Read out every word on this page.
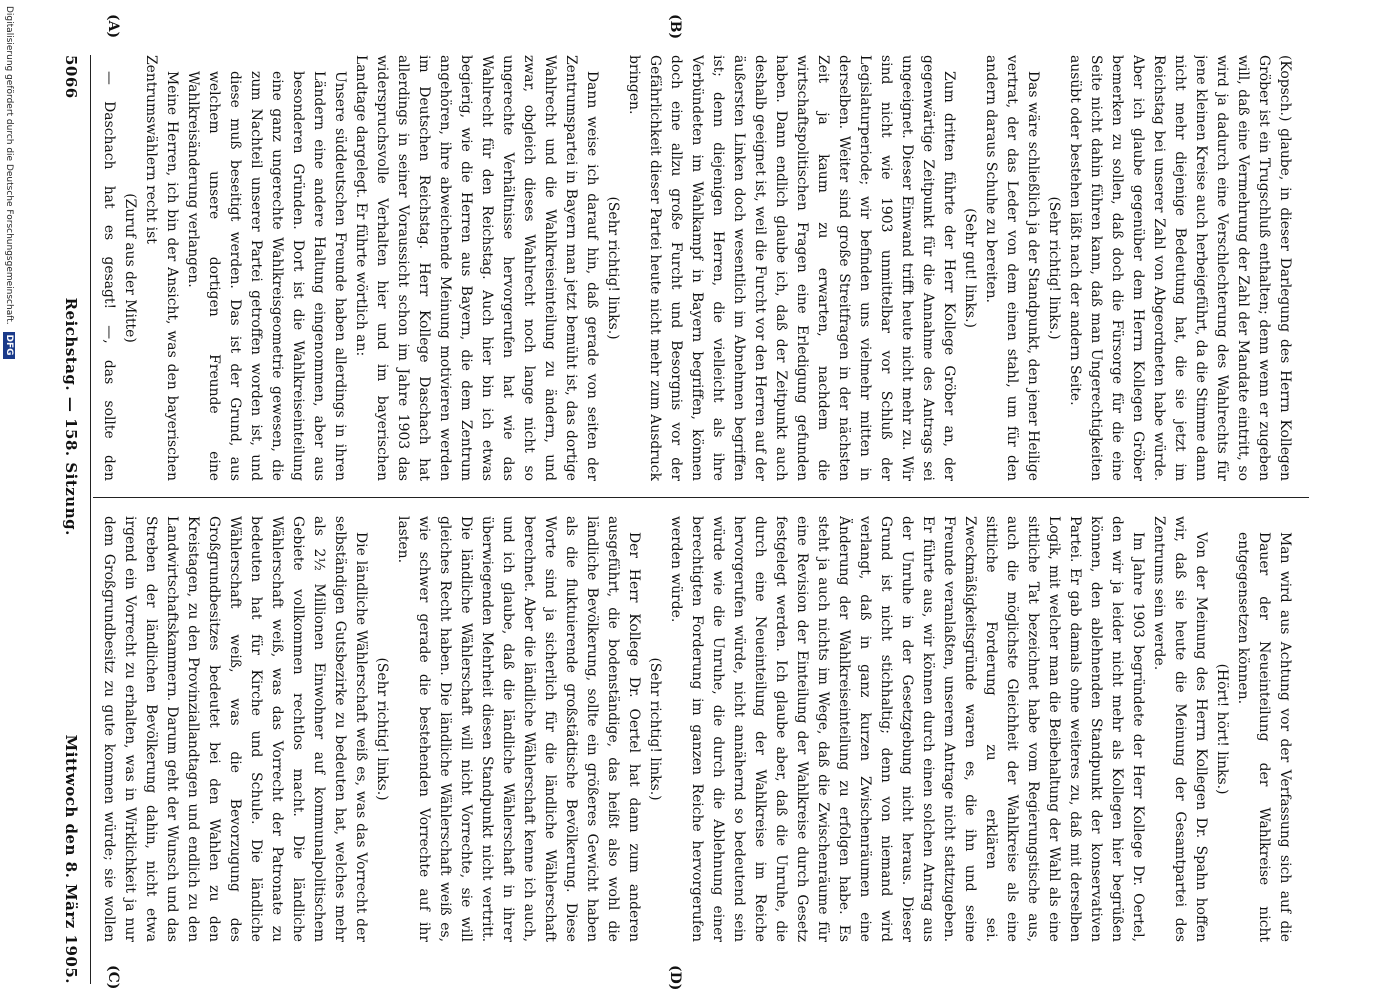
5066
Reichstag. — 158. Sitzung.
Mittwoch den 8. März 1905.
(A)	(B)
(C)	(D)

(Kopsch.) glaube, in dieser Darlegung des Herrn Kollegen Gröber ist ein Trugschluß enthalten; denn wenn er zugeben will, daß eine Vermehrung der Zahl der Mandate eintritt, so wird ja dadurch eine Verschlechterung des Wahlrechts für jene kleinen Kreise auch herbeigeführt, da die Stimme dann nicht mehr diejenige Bedeutung hat, die sie jetzt im Reichstag bei unserer Zahl von Abgeordneten habe würde. Aber ich glaube gegenüber dem Herrn Kollegen Gröber bemerken zu sollen, daß doch die Fürsorge für die eine Seite nicht dahin führen kann, daß man Ungerechtigkeiten ausübt oder bestehen läßt nach der andern Seite.

(Sehr richtig! links.)

Das wäre schließlich ja der Standpunkt, den jener Heilige vertrat, der das Leder von dem einen stahl, um für den andern daraus Schuhe zu bereiten.

(Sehr gut! links.)

Zum dritten führte der Herr Kollege Gröber an, der gegenwärtige Zeitpunkt für die Annahme des Antrags sei ungeeignet. Dieser Einwand trifft heute nicht mehr zu. Wir sind nicht wie 1903 unmittelbar vor Schluß der Legislaturperiode; wir befinden uns vielmehr mitten in derselben. Weiter sind große Streitfragen in der nächsten Zeit ja kaum zu erwarten, nachdem die wirtschaftspolitischen Fragen eine Erledigung gefunden haben. Dann endlich glaube ich, daß der Zeitpunkt auch deshalb geeignet ist, weil die Furcht vor den Herren auf der äußersten Linken doch wesentlich im Abnehmen begriffen ist; denn diejenigen Herren, die vielleicht als ihre Verbündeten im Wahlkampf in Bayern begriffen, können doch eine allzu große Furcht und Besorgnis vor der Gefährlichkeit dieser Partei heute nicht mehr zum Ausdruck bringen.

(Sehr richtig! links.)

Dann weise ich darauf hin, daß gerade von seiten der Zentrumspartei in Bayern man jetzt bemüht ist, das dortige Wahlrecht und die Wahlkreiseinteilung zu ändern, und zwar, obgleich dieses Wahlrecht noch lange nicht so ungerechte Verhältnisse hervorgerufen hat wie das Wahlrecht für den Reichstag. Auch hier bin ich etwas begierig, wie die Herren aus Bayern, die dem Zentrum angehören, ihre abweichende Meinung motivieren werden im Deutschen Reichstag. Herr Kollege Daschach hat allerdings in seiner Voraussicht schon im Jahre 1903 das widerspruchsvolle Verhalten hier und im bayerischen Landtage dargelegt. Er führte wörtlich an:

Unsere süddeutschen Freunde haben allerdings in ihren Ländern eine andere Haltung eingenommen, aber aus besonderen Gründen. Dort ist die Wahlkreiseinteilung eine ganz ungerechte Wahlkreisgeometrie gewesen, die zum Nachteil unserer Partei getroffen worden ist, und diese muß beseitigt werden. Das ist der Grund, aus welchem unsere dortigen Freunde eine Wahlkreisänderung verlangen.

Meine Herren, ich bin der Ansicht, was den bayerischen Zentrumswählern recht ist

(Zuruf aus der Mitte)

— Daschach hat es gesagt! —, das sollte den

Man wird aus Achtung vor der Verfassung sich auf die Dauer der Neueinteilung der Wahlkreise nicht entgegensetzen können.

(Hört! hört! links.)

Von der Meinung des Herrn Kollegen Dr. Spahn hoffen wir, daß sie heute die Meinung der Gesamtpartei des Zentrums sein werde.

Im Jahre 1903 begründete der Herr Kollege Dr. Oertel, den wir ja leider nicht mehr als Kollegen hier begrüßen können, den ablehnenden Standpunkt der konservativen Partei. Er gab damals ohne weiteres zu, daß mit derselben Logik, mit welcher man die Beibehaltung der Wahl als eine sittliche Tat bezeichnet habe vom Regierungstische aus, auch die möglichste Gleichheit der Wahlkreise als eine sittliche Forderung zu erklären sei. Zweckmäßigkeitsgründe waren es, die ihn und seine Freunde veranlaßten, unserem Antrage nicht stattzugeben. Er führte aus, wir können durch einen solchen Antrag aus der Unruhe in der Gesetzgebung nicht heraus. Dieser Grund ist nicht stichhaltig; denn von niemand wird verlangt, daß in ganz kurzen Zwischenräumen eine Änderung der Wahlkreiseinteilung zu erfolgen habe. Es steht ja auch nichts im Wege, daß die Zwischenräume für eine Revision der Einteilung der Wahlkreise durch Gesetz festgelegt werden. Ich glaube aber, daß die Unruhe, die durch eine Neueinteilung der Wahlkreise im Reiche hervorgerufen würde, nicht annähernd so bedeutend sein würde wie die Unruhe, die durch die Ablehnung einer berechtigten Forderung im ganzen Reiche hervorgerufen werden würde.

(Sehr richtig! links.)

Der Herr Kollege Dr. Oertel hat dann zum anderen ausgeführt, die bodenständige, das heißt also wohl die ländliche Bevölkerung, sollte ein größeres Gewicht haben als die fluktuierende großstädtische Bevölkerung. Diese Worte sind ja sicherlich für die ländliche Wählerschaft berechnet. Aber die ländliche Wählerschaft kenne ich auch, und ich glaube, daß die ländliche Wählerschaft in ihrer überwiegenden Mehrheit diesen Standpunkt nicht vertritt. Die ländliche Wählerschaft will nicht Vorrechte, sie will gleiches Recht haben. Die ländliche Wählerschaft weiß es, wie schwer gerade die bestehenden Vorrechte auf ihr lasten.

(Sehr richtig! links.)

Die ländliche Wählerschaft weiß es, was das Vorrecht der selbständigen Gutsbezirke zu bedeuten hat, welches mehr als 2½ Millionen Einwohner auf kommunalpolitischem Gebiete vollkommen rechtlos macht. Die ländliche Wählerschaft weiß, was das Vorrecht der Patronate zu bedeuten hat für Kirche und Schule. Die ländliche Wählerschaft weiß, was die Bevorzugung des Großgrundbesitzes bedeutet bei den Wahlen zu den Kreistagen, zu den Provinziallandtagen und endlich zu den Landwirtschaftskammern. Darum geht der Wunsch und das Streben der ländlichen Bevölkerung dahin, nicht etwa irgend ein Vorrecht zu erhalten, was in Wirklichkeit ja nur dem Großgrundbesitz zu gute kommen würde; sie wollen

Digitalisierung gefördert durch die Deutsche Forschungsgemeinschaft. DFG
